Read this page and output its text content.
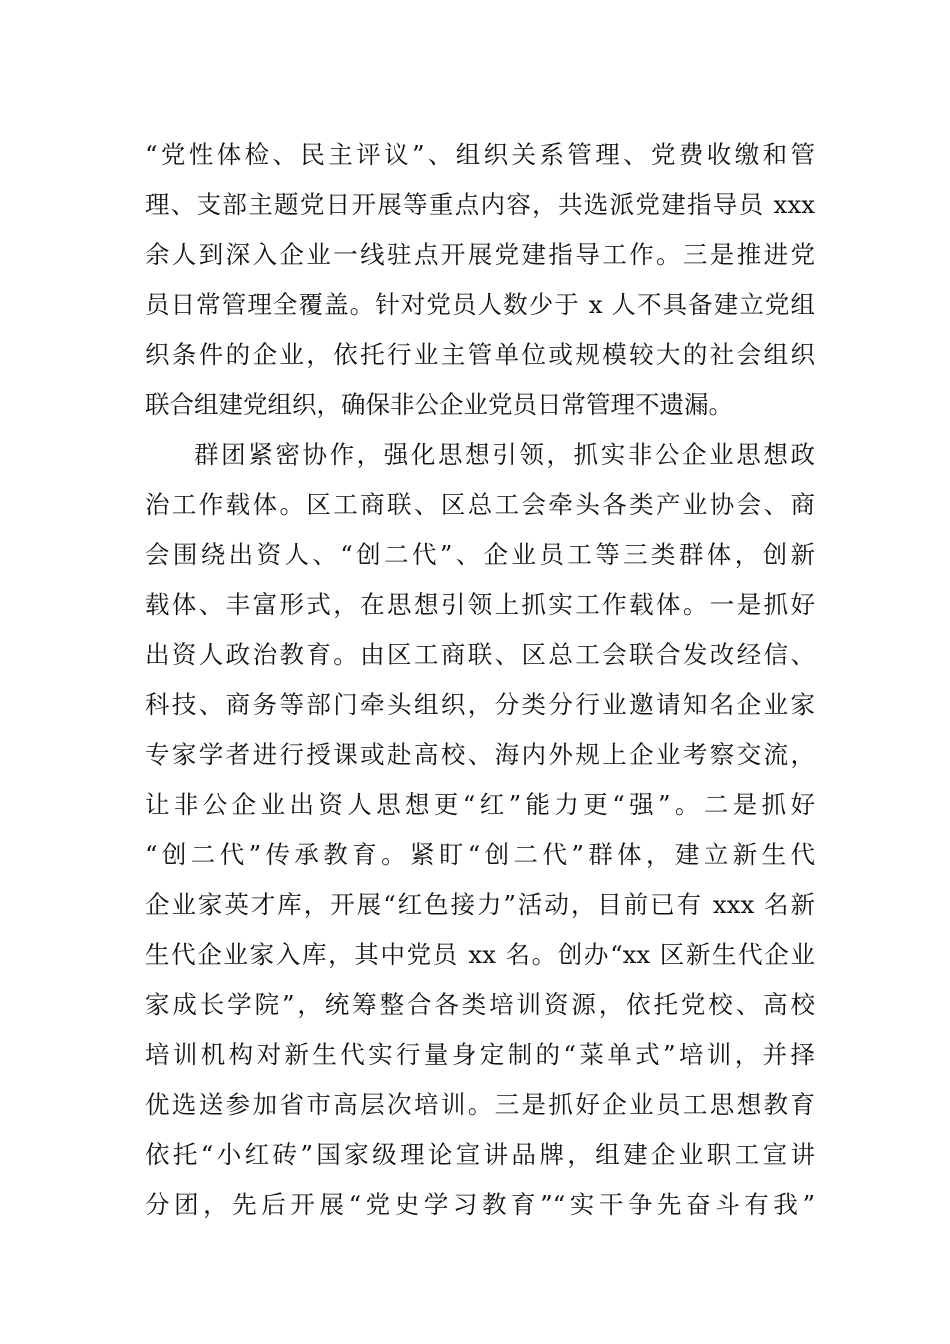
“党性体检、民主评议”、组织关系管理、党费收缴和管
理、支部主题党日开展等重点内容，共选派党建指导员 xxx
余人到深入企业一线驻点开展党建指导工作。三是推进党
员日常管理全覆盖。针对党员人数少于 x 人不具备建立党组
织条件的企业，依托行业主管单位或规模较大的社会组织
联合组建党组织，确保非公企业党员日常管理不遗漏。
群团紧密协作，强化思想引领，抓实非公企业思想政
治工作载体。区工商联、区总工会牵头各类产业协会、商
会围绕出资人、“创二代”、企业员工等三类群体，创新
载体、丰富形式，在思想引领上抓实工作载体。一是抓好
出资人政治教育。由区工商联、区总工会联合发改经信、
科技、商务等部门牵头组织，分类分行业邀请知名企业家
专家学者进行授课或赴高校、海内外规上企业考察交流，
让非公企业出资人思想更“红”能力更“强”。二是抓好
“创二代”传承教育。紧盯“创二代”群体，建立新生代
企业家英才库，开展“红色接力”活动，目前已有 xxx 名新
生代企业家入库，其中党员 xx 名。创办“xx 区新生代企业
家成长学院”，统筹整合各类培训资源，依托党校、高校
培训机构对新生代实行量身定制的“菜单式”培训，并择
优选送参加省市高层次培训。三是抓好企业员工思想教育
依托“小红砖”国家级理论宣讲品牌，组建企业职工宣讲
分团，先后开展“党史学习教育”“实干争先奋斗有我”
